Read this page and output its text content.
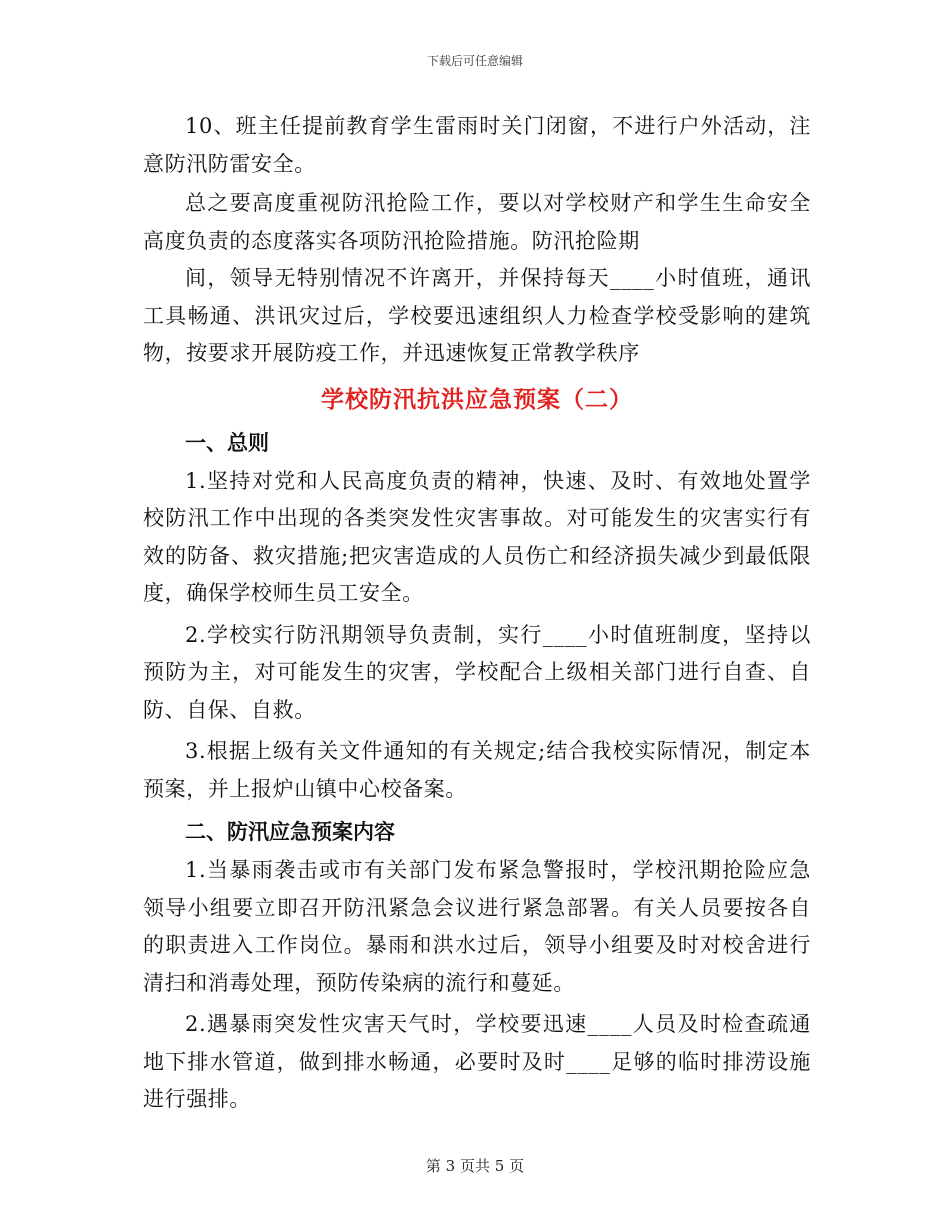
下载后可任意编辑

10、班主任提前教育学生雷雨时关门闭窗，不进行户外活动，注意防汛防雷安全。

总之要高度重视防汛抢险工作，要以对学校财产和学生生命安全高度负责的态度落实各项防汛抢险措施。防汛抢险期

间，领导无特别情况不许离开，并保持每天____小时值班，通讯工具畅通、洪讯灾过后，学校要迅速组织人力检查学校受影响的建筑物，按要求开展防疫工作，并迅速恢复正常教学秩序

学校防汛抗洪应急预案（二）

一、总则

1.坚持对党和人民高度负责的精神，快速、及时、有效地处置学校防汛工作中出现的各类突发性灾害事故。对可能发生的灾害实行有效的防备、救灾措施;把灾害造成的人员伤亡和经济损失减少到最低限度，确保学校师生员工安全。

2.学校实行防汛期领导负责制，实行____小时值班制度，坚持以预防为主，对可能发生的灾害，学校配合上级相关部门进行自查、自防、自保、自救。

3.根据上级有关文件通知的有关规定;结合我校实际情况，制定本预案，并上报炉山镇中心校备案。

二、防汛应急预案内容

1.当暴雨袭击或市有关部门发布紧急警报时，学校汛期抢险应急领导小组要立即召开防汛紧急会议进行紧急部署。有关人员要按各自的职责进入工作岗位。暴雨和洪水过后，领导小组要及时对校舍进行清扫和消毒处理，预防传染病的流行和蔓延。

2.遇暴雨突发性灾害天气时，学校要迅速____人员及时检查疏通地下排水管道，做到排水畅通，必要时及时____足够的临时排涝设施进行强排。

第 3 页共 5 页
